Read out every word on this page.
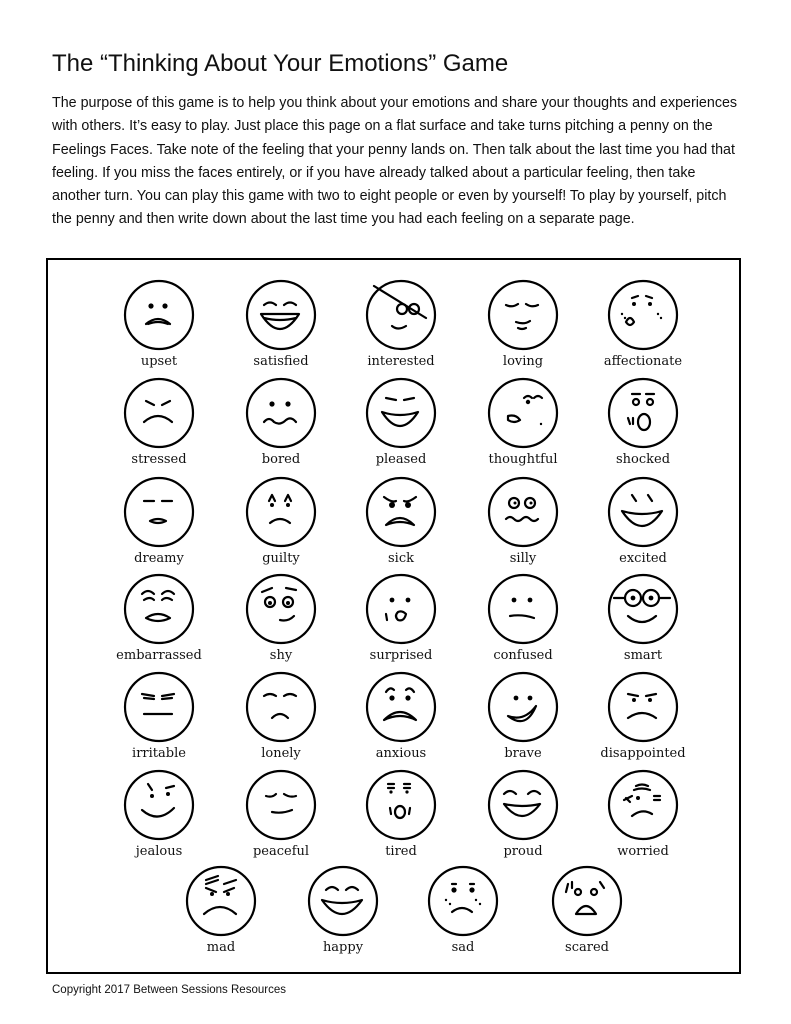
The “Thinking About Your Emotions” Game

The purpose of this game is to help you think about your emotions and share your thoughts and experiences with others. It’s easy to play. Just place this page on a flat surface and take turns pitching a penny on the Feelings Faces. Take note of the feeling that your penny lands on. Then talk about the last time you had that feeling. If you miss the faces entirely, or if you have already talked about a particular feeling, then take another turn. You can play this game with two to eight people or even by yourself! To play by yourself, pitch the penny and then write down about the last time you had each feeling on a separate page.

upset	satisfied	interested	loving	affectionate
stressed	bored	pleased	thoughtful	shocked
dreamy	guilty	sick	silly	excited
embarrassed	shy	surprised	confused	smart
irritable	lonely	anxious	brave	disappointed
jealous	peaceful	tired	proud	worried
mad	happy	sad	scared
Copyright 2017 Between Sessions Resources
